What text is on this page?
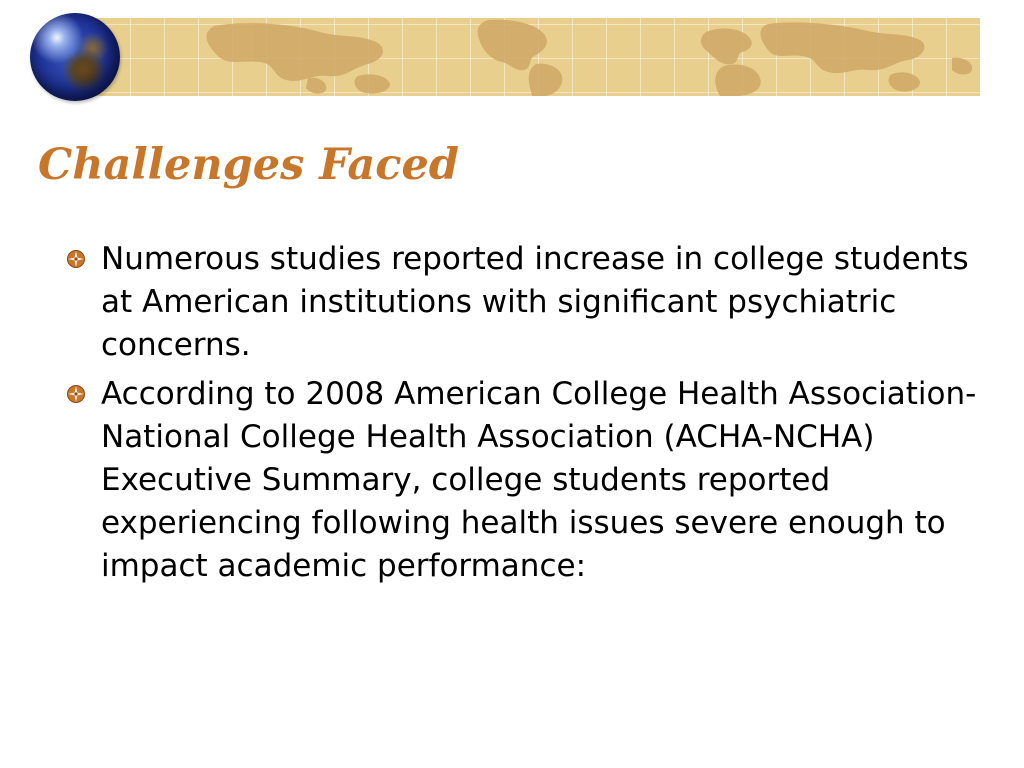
Challenges Faced
Numerous studies reported increase in college students at American institutions with significant psychiatric concerns.
According to 2008 American College Health Association-National College Health Association (ACHA-NCHA) Executive Summary, college students reported experiencing following health issues severe enough to impact academic performance:
